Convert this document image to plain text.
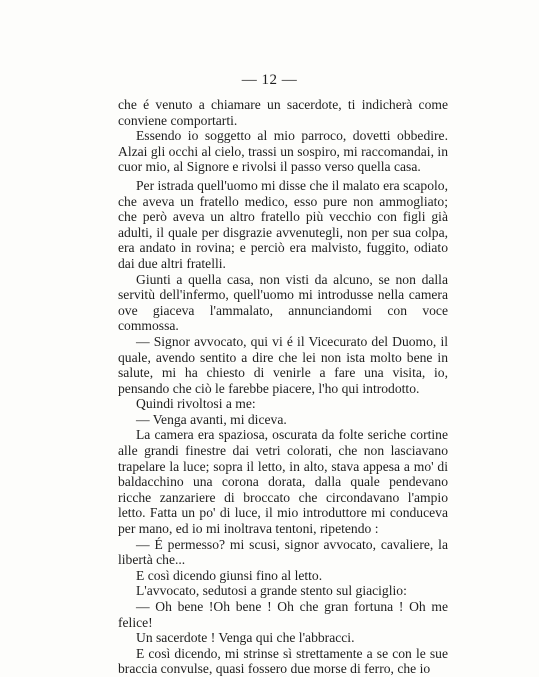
— 12 —

che é venuto a chiamare un sacerdote, ti indicherà come conviene comportarti.

Essendo io soggetto al mio parroco, dovetti obbedire. Alzai gli occhi al cielo, trassi un sospiro, mi raccomandai, in cuor mio, al Signore e rivolsi il passo verso quella casa.

Per istrada quell'uomo mi disse che il malato era scapolo, che aveva un fratello medico, esso pure non ammogliato; che però aveva un altro fratello più vecchio con figli già adulti, il quale per disgrazie avvenutegli, non per sua colpa, era andato in rovina; e perciò era malvisto, fuggito, odiato dai due altri fratelli.

Giunti a quella casa, non visti da alcuno, se non dalla servitù dell'infermo, quell'uomo mi introdusse nella camera ove giaceva l'ammalato, annunciandomi con voce commossa.

— Signor avvocato, qui vi é il Vicecurato del Duomo, il quale, avendo sentito a dire che lei non ista molto bene in salute, mi ha chiesto di venirle a fare una visita, io, pensando che ciò le farebbe piacere, l'ho qui introdotto.

Quindi rivoltosi a me:

— Venga avanti, mi diceva.

La camera era spaziosa, oscurata da folte seriche cortine alle grandi finestre dai vetri colorati, che non lasciavano trapelare la luce; sopra il letto, in alto, stava appesa a mo' di baldacchino una corona dorata, dalla quale pendevano ricche zanzariere di broccato che circondavano l'ampio letto. Fatta un po' di luce, il mio introduttore mi conduceva per mano, ed io mi inoltrava tentoni, ripetendo :

— É permesso? mi scusi, signor avvocato, cavaliere, la libertà che...

E così dicendo giunsi fino al letto.

L'avvocato, sedutosi a grande stento sul giaciglio:

— Oh bene !Oh bene ! Oh che gran fortuna ! Oh me felice!

Un sacerdote ! Venga qui che l'abbracci.

E così dicendo, mi strinse sì strettamente a se con le sue braccia convulse, quasi fossero due morse di ferro, che io
